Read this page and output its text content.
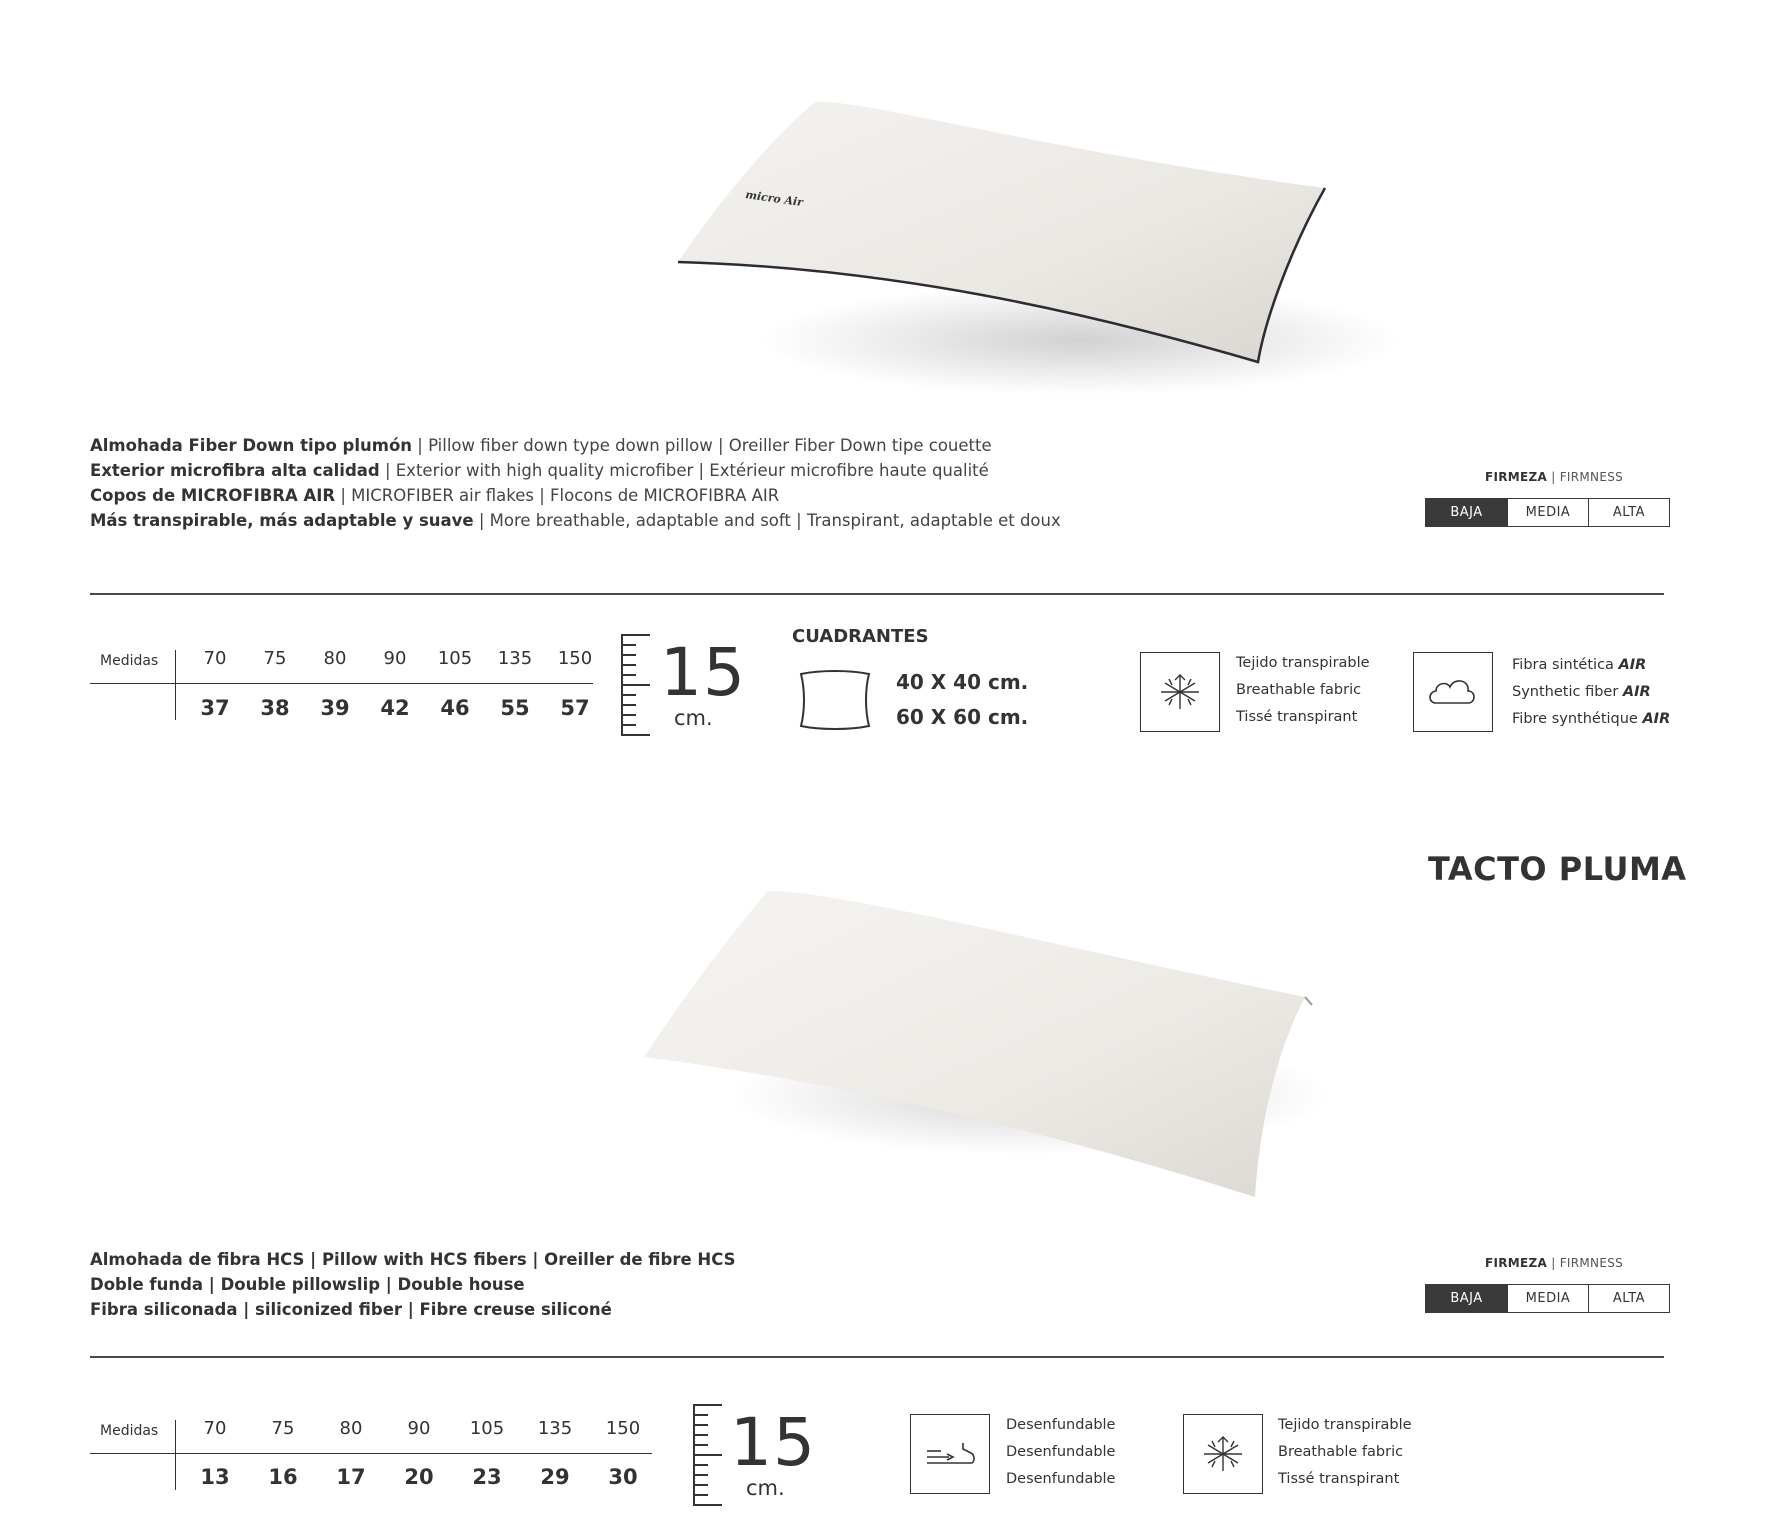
micro Air
Almohada Fiber Down tipo plumón | Pillow fiber down type down pillow | Oreiller Fiber Down tipe couette
Exterior microfibra alta calidad | Exterior with high quality microfiber | Extérieur microfibre haute qualité
Copos de MICROFIBRA AIR | MICROFIBER air flakes | Flocons de MICROFIBRA AIR
Más transpirable, más adaptable y suave | More breathable, adaptable and soft | Transpirant, adaptable et doux
FIRMEZA | FIRMNESS
BAJA	MEDIA	ALTA
Medidas	70	75	80	90	105	135	150
37	38	39	42	46	55	57 15
cm.
CUADRANTES
40 X 40 cm.
60 X 60 cm.
Tejido transpirable
Breathable fabric
Tissé transpirant
Fibra sintética AIR
Synthetic fiber AIR
Fibre synthétique AIR
TACTO PLUMA
Almohada de fibra HCS | Pillow with HCS fibers | Oreiller de fibre HCS
Doble funda | Double pillowslip | Double house
Fibra siliconada | siliconized fiber | Fibre creuse siliconé
FIRMEZA | FIRMNESS
BAJA	MEDIA	ALTA
Medidas	70	75	80	90	105	135	150
13	16	17	20	23	29	30 15
cm.
Desenfundable
Desenfundable
Desenfundable
Tejido transpirable
Breathable fabric
Tissé transpirant
